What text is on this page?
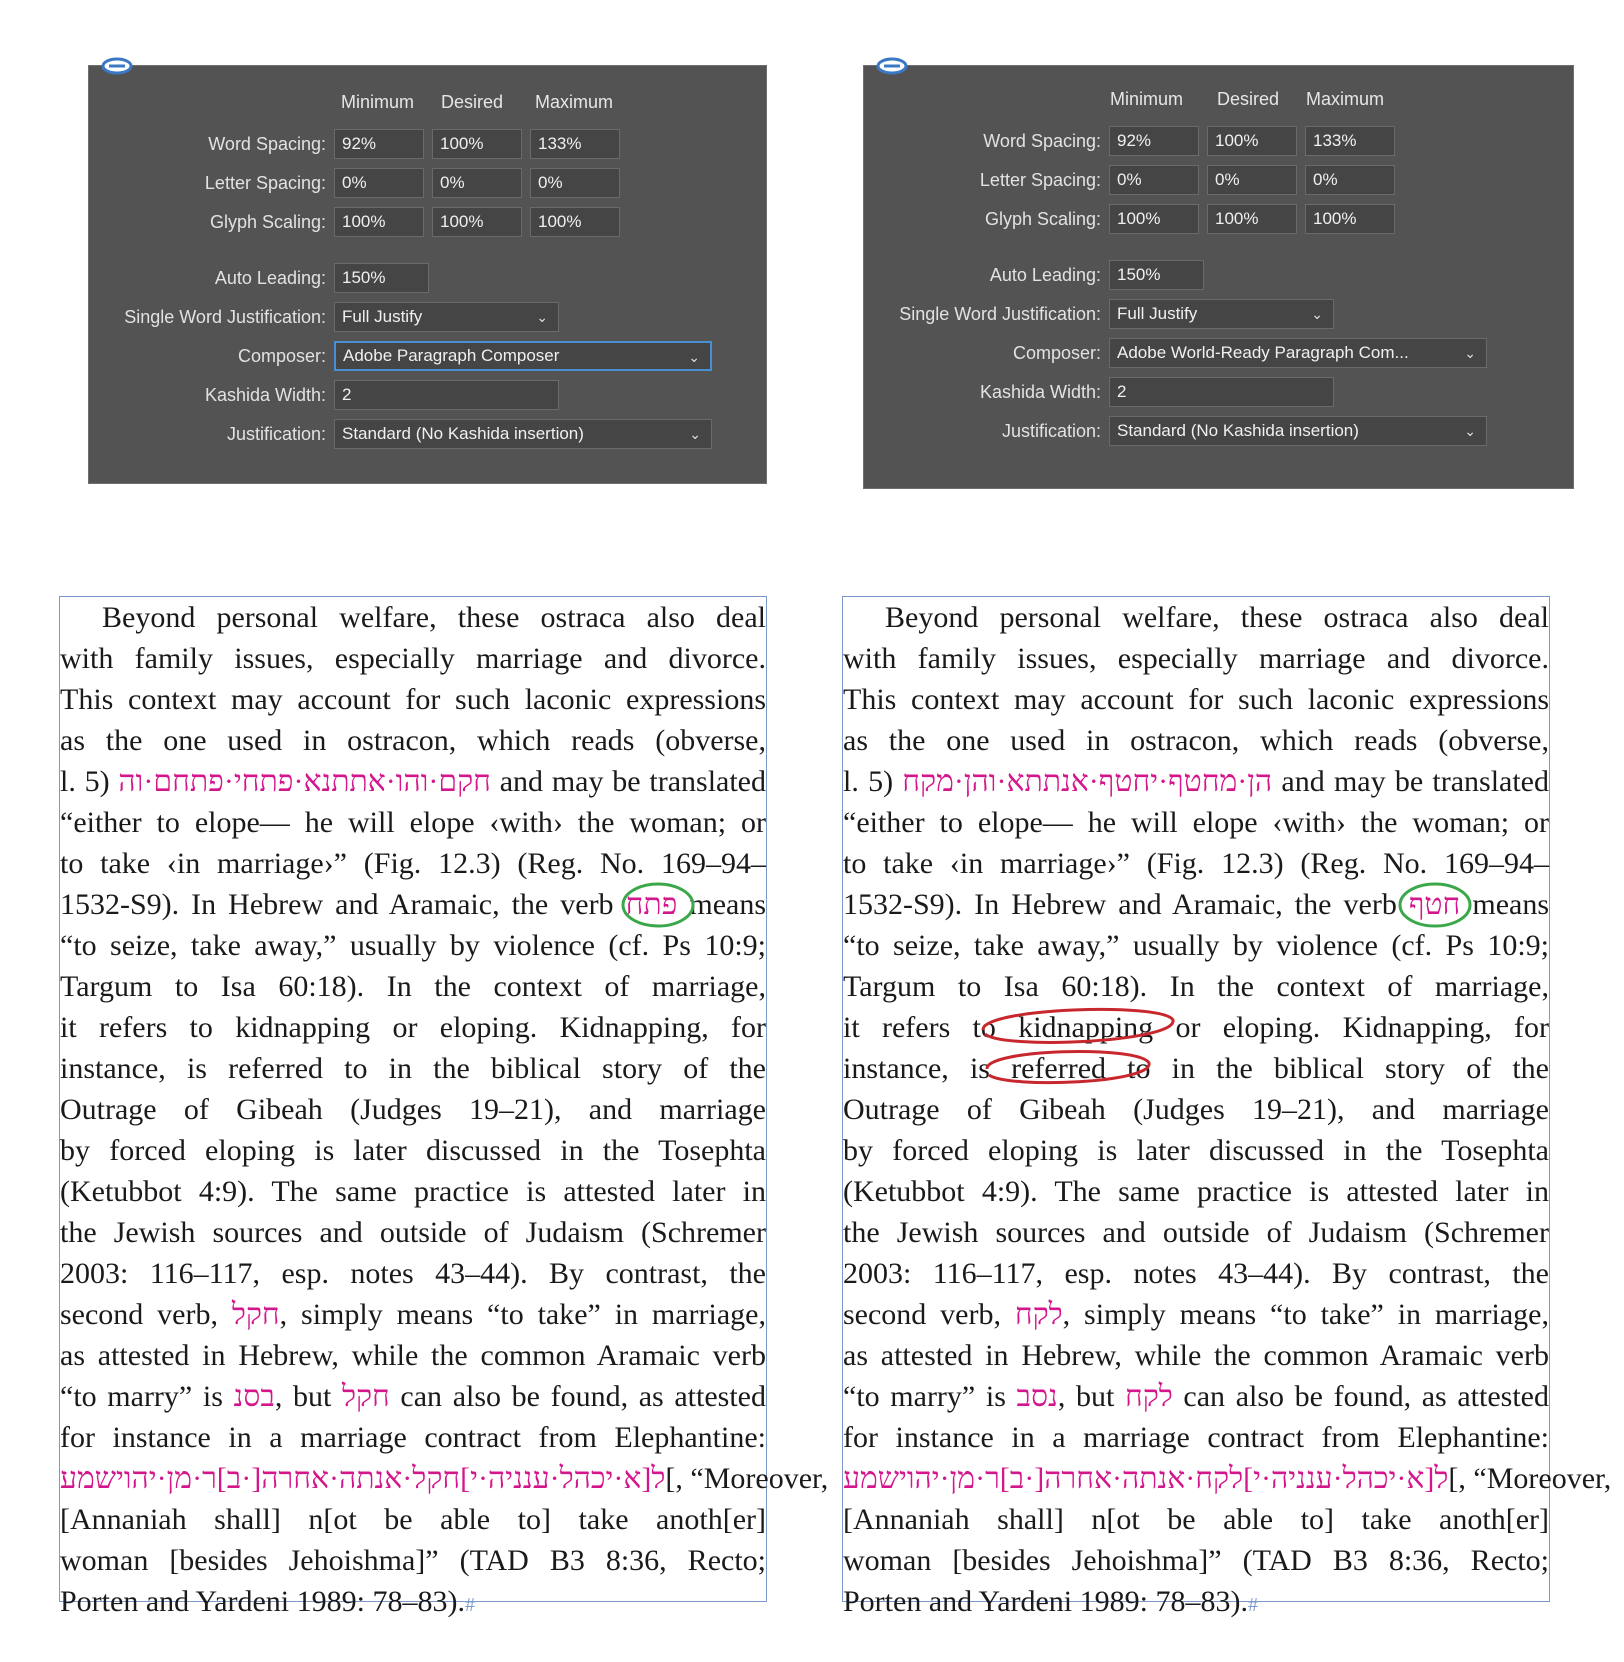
Minimum Desired Maximum
Word Spacing: 92%	100%	133%
Letter Spacing: 0%	0%	0%
Glyph Scaling: 100%	100%	100%
Auto Leading: 150%
Single Word Justification: Full Justify	⌄
Composer:	Adobe Paragraph Composer	⌄
Kashida Width: 2
Justification: Standard (No Kashida insertion)	⌄
Minimum Desired Maximum
Word Spacing: 92%	100%	133%
Letter Spacing: 0%	0%	0%
Glyph Scaling: 100%	100%	100%
Auto Leading: 150%
Single Word Justification: Full Justify	⌄
Composer: Adobe World-Ready Paragraph Com...	⌄
Kashida Width: 2
Justification: Standard (No Kashida insertion)	⌄
Beyond personal welfare, these ostraca also deal
with family issues, especially marriage and divorce.
This context may account for such laconic expressions
as the one used in ostracon, which reads (obverse,
l. 5) חקם·והו·אתתנא·פתחי·פתחם·וה and may be translated
“either to elope— he will elope ‹with› the woman; or
to take ‹in marriage›” (Fig. 12.3) (Reg. No. 169–94–
1532-S9). In Hebrew and Aramaic, the verb פתח means
“to seize, take away,” usually by violence (cf. Ps 10:9;
Targum to Isa 60:18). In the context of marriage,
it refers to kidnapping or eloping. Kidnapping, for
instance, is referred to in the biblical story of the
Outrage of Gibeah (Judges 19–21), and marriage
by forced eloping is later discussed in the Tosephta
(Ketubbot 4:9). The same practice is attested later in
the Jewish sources and outside of Judaism (Schremer
2003: 116–117, esp. notes 43–44). By contrast, the
second verb, חקל, simply means “to take” in marriage,
as attested in Hebrew, while the common Aramaic verb
“to marry” is בסנ, but חקל can also be found, as attested
for instance in a marriage contract from Elephantine:
ל[א·יכהל·ענניה·י]חקל·אנתה·אחרה[·ב]ר·מן·יהוישמע[, “Moreover,
[Annaniah shall] n[ot be able to] take anoth[er]
woman [besides Jehoishma]” (TAD B3 8:36, Recto;
Porten and Yardeni 1989: 78–83).#
Beyond personal welfare, these ostraca also deal
with family issues, especially marriage and divorce.
This context may account for such laconic expressions
as the one used in ostracon, which reads (obverse,
l. 5) הן·מחטף·יחטף·אנתתא·והן·מקח and may be translated
“either to elope— he will elope ‹with› the woman; or
to take ‹in marriage›” (Fig. 12.3) (Reg. No. 169–94–
1532-S9). In Hebrew and Aramaic, the verb חטף means
“to seize, take away,” usually by violence (cf. Ps 10:9;
Targum to Isa 60:18). In the context of marriage,
it refers to kidnapping or eloping. Kidnapping, for
instance, is referred to in the biblical story of the
Outrage of Gibeah (Judges 19–21), and marriage
by forced eloping is later discussed in the Tosephta
(Ketubbot 4:9). The same practice is attested later in
the Jewish sources and outside of Judaism (Schremer
2003: 116–117, esp. notes 43–44). By contrast, the
second verb, לקח, simply means “to take” in marriage,
as attested in Hebrew, while the common Aramaic verb
“to marry” is נסב, but לקח can also be found, as attested
for instance in a marriage contract from Elephantine:
ל[א·יכהל·ענניה·י]לקח·אנתה·אחרה[·ב]ר·מן·יהוישמע[, “Moreover,
[Annaniah shall] n[ot be able to] take anoth[er]
woman [besides Jehoishma]” (TAD B3 8:36, Recto;
Porten and Yardeni 1989: 78–83).#
